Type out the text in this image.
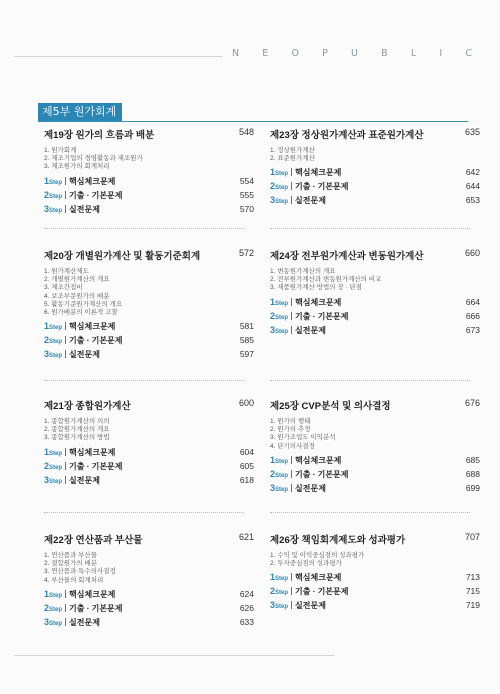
N E O P U B L I C
제5부 원가회계
제19장 원가의 흐름과 배분	548
1. 원가회계
2. 제조기업의 경영활동과 제조원가
3. 제조원가의 회계처리
1Step 핵심체크문제	554
2Step 기출 · 기본문제	555
3Step 실전문제	570
제23장 정상원가계산과 표준원가계산	635
1. 정상원가계산
2. 표준원가계산
1Step 핵심체크문제	642
2Step 기출 · 기본문제	644
3Step 실전문제	653
제20장 개별원가계산 및 활동기준회계	572
1. 원가계산제도
2. 개별원가계산의 개요
3. 제조간접비
4. 보조부문원가의 배분
5. 활동기준원가계산의 개요
6. 원가배분의 이론적 고찰
1Step 핵심체크문제	581
2Step 기출 · 기본문제	585
3Step 실전문제	597
제24장 전부원가계산과 변동원가계산	660
1. 변동원가계산의 개요
2. 전부원가계산과 변동원가계산의 비교
3. 제품원가계산 방법의 장 · 단점
1Step 핵심체크문제	664
2Step 기출 · 기본문제	666
3Step 실전문제	673
제21장 종합원가계산	600
1. 종합원가계산의 의의
2. 종합원가계산의 개요
3. 종합원가계산의 방법
1Step 핵심체크문제	604
2Step 기출 · 기본문제	605
3Step 실전문제	618
제25장 CVP분석 및 의사결정	676
1. 원가의 행태
2. 원가의 추정
3. 원가조업도 이익분석
4. 단기의사결정
1Step 핵심체크문제	685
2Step 기출 · 기본문제	688
3Step 실전문제	699
제22장 연산품과 부산물	621
1. 연산품과 부산물
2. 결합원가의 배분
3. 연산품과 특수의사결정
4. 부산물의 회계처리
1Step 핵심체크문제	624
2Step 기출 · 기본문제	626
3Step 실전문제	633
제26장 책임회계제도와 성과평가	707
1. 수익 및 이익중심점의 성과평가
2. 투자중심점의 성과평가
1Step 핵심체크문제	713
2Step 기출 · 기본문제	715
3Step 실전문제	719
